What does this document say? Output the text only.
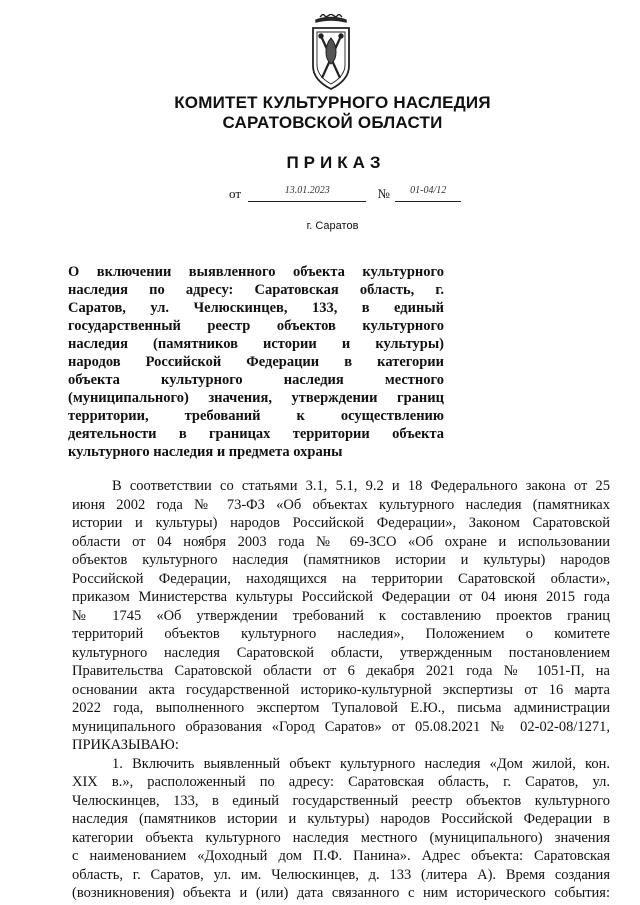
КОМИТЕТ КУЛЬТУРНОГО НАСЛЕДИЯ
САРАТОВСКОЙ ОБЛАСТИ
ПРИКАЗ
от	13.01.2023	№	01-04/12
г. Саратов
О включении выявленного объекта культурного
наследия по адресу: Саратовская область, г.
Саратов, ул. Челюскинцев, 133, в единый
государственный реестр объектов культурного
наследия (памятников истории и культуры)
народов Российской Федерации в категории
объекта культурного наследия местного
(муниципального) значения, утверждении границ
территории, требований к осуществлению
деятельности в границах территории объекта
культурного наследия и предмета охраны
В соответствии со статьями 3.1, 5.1, 9.2 и 18 Федерального закона от 25
июня 2002 года № 73-ФЗ «Об объектах культурного наследия (памятниках
истории и культуры) народов Российской Федерации», Законом Саратовской
области от 04 ноября 2003 года № 69-ЗСО «Об охране и использовании
объектов культурного наследия (памятников истории и культуры) народов
Российской Федерации, находящихся на территории Саратовской области»,
приказом Министерства культуры Российской Федерации от 04 июня 2015 года
№ 1745 «Об утверждении требований к составлению проектов границ
территорий объектов культурного наследия», Положением о комитете
культурного наследия Саратовской области, утвержденным постановлением
Правительства Саратовской области от 6 декабря 2021 года № 1051-П, на
основании акта государственной историко-культурной экспертизы от 16 марта
2022 года, выполненного экспертом Тупаловой Е.Ю., письма администрации
муниципального образования «Город Саратов» от 05.08.2021 № 02-02-08/1271,
ПРИКАЗЫВАЮ:
1. Включить выявленный объект культурного наследия «Дом жилой, кон.
XIX в.», расположенный по адресу: Саратовская область, г. Саратов, ул.
Челюскинцев, 133, в единый государственный реестр объектов культурного
наследия (памятников истории и культуры) народов Российской Федерации в
категории объекта культурного наследия местного (муниципального) значения
с наименованием «Доходный дом П.Ф. Панина». Адрес объекта: Саратовская
область, г. Саратов, ул. им. Челюскинцев, д. 133 (литера А). Время создания
(возникновения) объекта и (или) дата связанного с ним исторического события:
